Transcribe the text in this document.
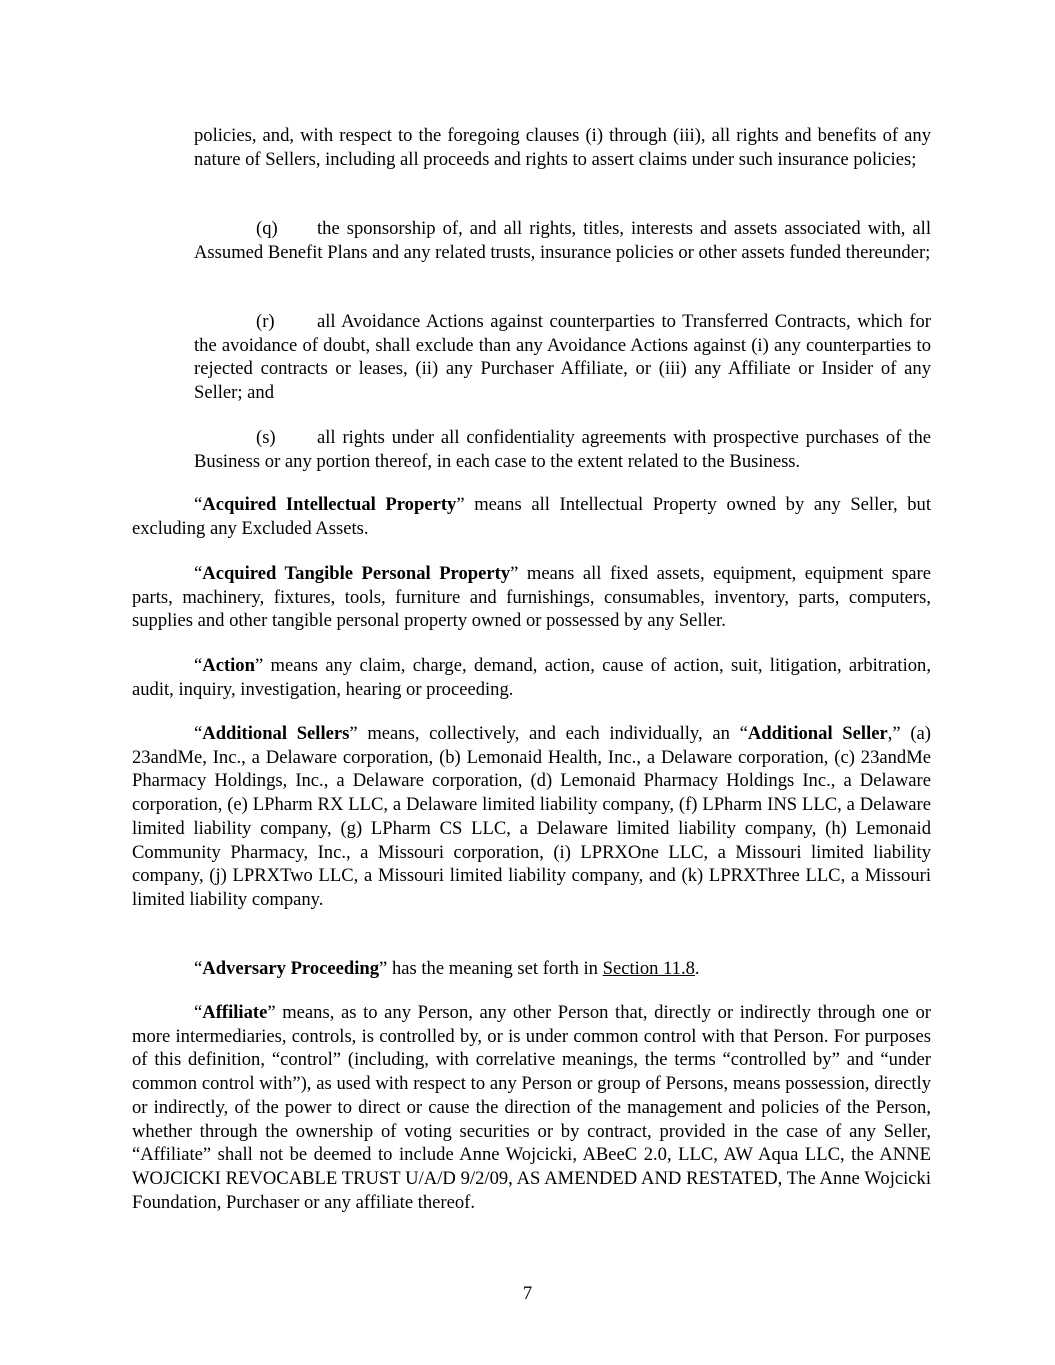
policies, and, with respect to the foregoing clauses (i) through (iii), all rights and benefits of any nature of Sellers, including all proceeds and rights to assert claims under such insurance policies;

(q) the sponsorship of, and all rights, titles, interests and assets associated with, all Assumed Benefit Plans and any related trusts, insurance policies or other assets funded thereunder;

(r) all Avoidance Actions against counterparties to Transferred Contracts, which for the avoidance of doubt, shall exclude than any Avoidance Actions against (i) any counterparties to rejected contracts or leases, (ii) any Purchaser Affiliate, or (iii) any Affiliate or Insider of any Seller; and

(s) all rights under all confidentiality agreements with prospective purchases of the Business or any portion thereof, in each case to the extent related to the Business.

“Acquired Intellectual Property” means all Intellectual Property owned by any Seller, but excluding any Excluded Assets.

“Acquired Tangible Personal Property” means all fixed assets, equipment, equipment spare parts, machinery, fixtures, tools, furniture and furnishings, consumables, inventory, parts, computers, supplies and other tangible personal property owned or possessed by any Seller.

“Action” means any claim, charge, demand, action, cause of action, suit, litigation, arbitration, audit, inquiry, investigation, hearing or proceeding.

“Additional Sellers” means, collectively, and each individually, an “Additional Seller,” (a) 23andMe, Inc., a Delaware corporation, (b) Lemonaid Health, Inc., a Delaware corporation, (c) 23andMe Pharmacy Holdings, Inc., a Delaware corporation, (d) Lemonaid Pharmacy Holdings Inc., a Delaware corporation, (e) LPharm RX LLC, a Delaware limited liability company, (f) LPharm INS LLC, a Delaware limited liability company, (g) LPharm CS LLC, a Delaware limited liability company, (h) Lemonaid Community Pharmacy, Inc., a Missouri corporation, (i) LPRXOne LLC, a Missouri limited liability company, (j) LPRXTwo LLC, a Missouri limited liability company, and (k) LPRXThree LLC, a Missouri limited liability company.

“Adversary Proceeding” has the meaning set forth in Section 11.8.

“Affiliate” means, as to any Person, any other Person that, directly or indirectly through one or more intermediaries, controls, is controlled by, or is under common control with that Person. For purposes of this definition, “control” (including, with correlative meanings, the terms “controlled by” and “under common control with”), as used with respect to any Person or group of Persons, means possession, directly or indirectly, of the power to direct or cause the direction of the management and policies of the Person, whether through the ownership of voting securities or by contract, provided in the case of any Seller, “Affiliate” shall not be deemed to include Anne Wojcicki, ABeeC 2.0, LLC, AW Aqua LLC, the ANNE WOJCICKI REVOCABLE TRUST U/A/D 9/2/09, AS AMENDED AND RESTATED, The Anne Wojcicki Foundation, Purchaser or any affiliate thereof.

7
